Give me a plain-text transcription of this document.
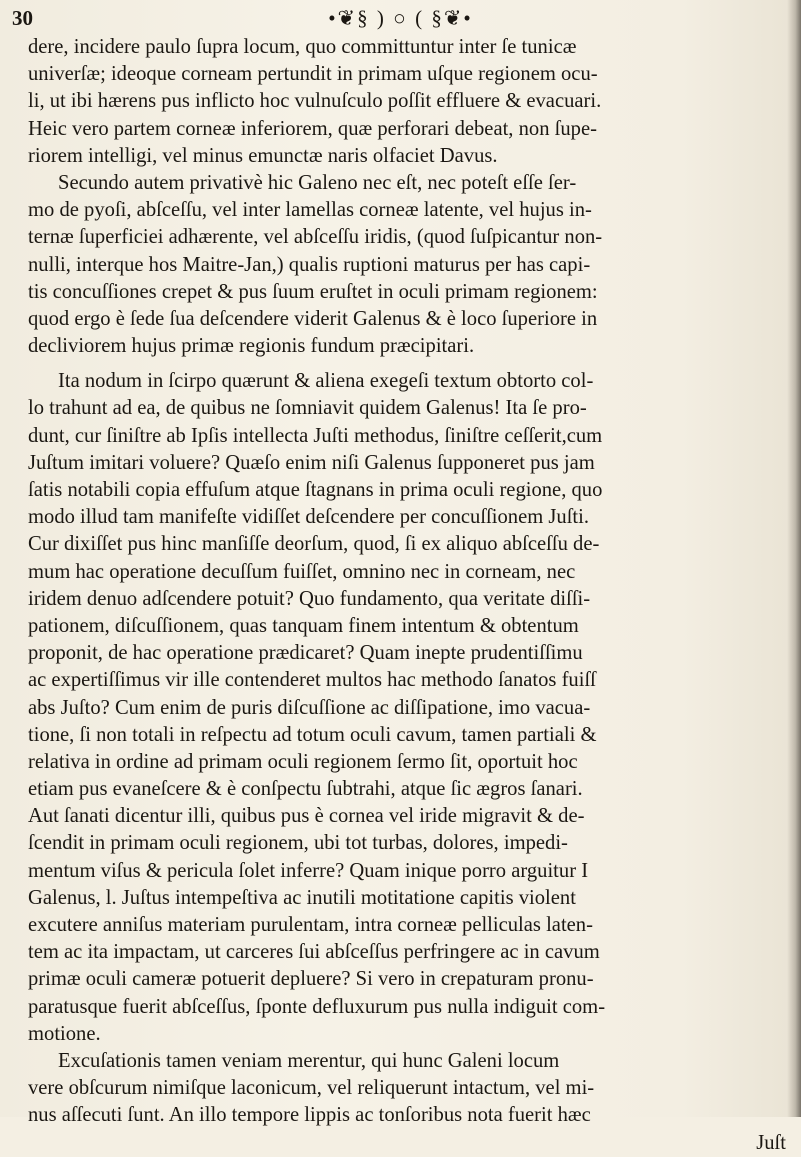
30	•❦§ ) ○ ( §❦•
dere, incidere paulo ſupra locum, quo committuntur inter ſe tunicæ
univerſæ; ideoque corneam pertundit in primam uſque regionem ocu-
li, ut ibi hærens pus inflicto hoc vulnuſculo poſſit effluere & evacuari.
Heic vero partem corneæ inferiorem, quæ perforari debeat, non ſupe-
riorem intelligi, vel minus emunctæ naris olfaciet Davus.
Secundo autem privativè hic Galeno nec eſt, nec poteſt eſſe ſer-
mo de pyoſi, abſceſſu, vel inter lamellas corneæ latente, vel hujus in-
ternæ ſuperficiei adhærente, vel abſceſſu iridis, (quod ſuſpicantur non-
nulli, interque hos Maitre-Jan,) qualis ruptioni maturus per has capi-
tis concuſſiones crepet & pus ſuum eruſtet in oculi primam regionem:
quod ergo è ſede ſua deſcendere viderit Galenus & è loco ſuperiore in
decliviorem hujus primæ regionis fundum præcipitari.
Ita nodum in ſcirpo quærunt & aliena exegeſi textum obtorto col-
lo trahunt ad ea, de quibus ne ſomniavit quidem Galenus! Ita ſe pro-
dunt, cur ſiniſtre ab Ipſis intellecta Juſti methodus, ſiniſtre ceſſerit,cum
Juſtum imitari voluere? Quæſo enim niſi Galenus ſupponeret pus jam
ſatis notabili copia effuſum atque ſtagnans in prima oculi regione, quo
modo illud tam manifeſte vidiſſet deſcendere per concuſſionem Juſti.
Cur dixiſſet pus hinc manſiſſe deorſum, quod, ſi ex aliquo abſceſſu de-
mum hac operatione decuſſum fuiſſet, omnino nec in corneam, nec
iridem denuo adſcendere potuit? Quo fundamento, qua veritate diſſi-
pationem, diſcuſſionem, quas tanquam finem intentum & obtentum
proponit, de hac operatione prædicaret? Quam inepte prudentiſſimu
ac expertiſſimus vir ille contenderet multos hac methodo ſanatos fuiſſ
abs Juſto? Cum enim de puris diſcuſſione ac diſſipatione, imo vacua-
tione, ſi non totali in reſpectu ad totum oculi cavum, tamen partiali &
relativa in ordine ad primam oculi regionem ſermo ſit, oportuit hoc
etiam pus evaneſcere & è conſpectu ſubtrahi, atque ſic ægros ſanari.
Aut ſanati dicentur illi, quibus pus è cornea vel iride migravit & de-
ſcendit in primam oculi regionem, ubi tot turbas, dolores, impedi-
mentum viſus & pericula ſolet inferre? Quam inique porro arguitur I
Galenus, l. Juſtus intempeſtiva ac inutili motitatione capitis violent
excutere anniſus materiam purulentam, intra corneæ pelliculas laten-
tem ac ita impactam, ut carceres ſui abſceſſus perfringere ac in cavum
primæ oculi cameræ potuerit depluere? Si vero in crepaturam pronu-
paratusque fuerit abſceſſus, ſponte defluxurum pus nulla indiguit com-
motione.
Excuſationis tamen veniam merentur, qui hunc Galeni locum
vere obſcurum nimiſque laconicum, vel reliquerunt intactum, vel mi-
nus aſſecuti ſunt. An illo tempore lippis ac tonſoribus nota fuerit hæc
Juſt
